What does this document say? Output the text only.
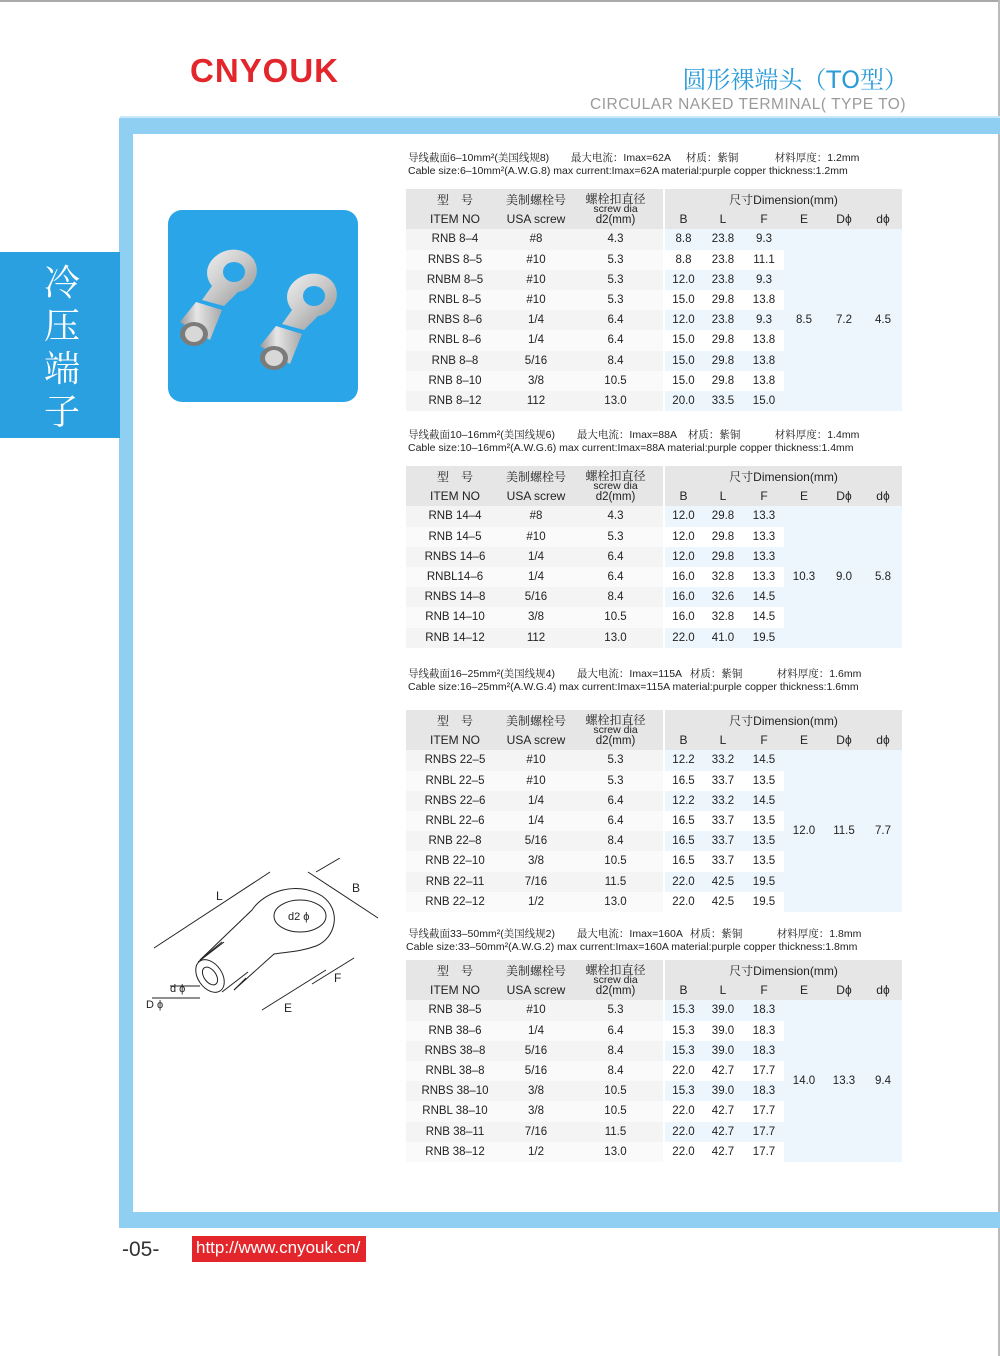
冷压端子
CNYOUK	圆形裸端头（TO型）
CIRCULAR NAKED TERMINAL( TYPE TO)
导线截面6–10mm²(美国线规8) 最大电流：Imax=62A 材质：紫铜	材料厚度：1.2mm
Cable size:6–10mm²(A.W.G.8) max current:Imax=62A material:purple copper thickness:1.2mm
型　号	美制螺栓号	螺栓扣直径
screw dia
d2(mm)	尺寸Dimension(mm)					
ITEM NO	USA screw		B	L	F	E	Dϕ	dϕ
RNB 8–4	#8	4.3	8.8	23.8	9.3	8.5	7.2	4.5
RNBS 8–5	#10	5.3	8.8	23.8	11.1			
RNBM 8–5	#10	5.3	12.0	23.8	9.3			
RNBL 8–5	#10	5.3	15.0	29.8	13.8			
RNBS 8–6	1/4	6.4	12.0	23.8	9.3			
RNBL 8–6	1/4	6.4	15.0	29.8	13.8			
RNB 8–8	5/16	8.4	15.0	29.8	13.8			
RNB 8–10	3/8	10.5	15.0	29.8	13.8			
RNB 8–12	112	13.0	20.0	33.5	15.0			
导线截面10–16mm²(美国线规6) 最大电流：Imax=88A 材质：紫铜	材料厚度：1.4mm
Cable size:10–16mm²(A.W.G.6) max current:Imax=88A material:purple copper thickness:1.4mm
型　号	美制螺栓号	螺栓扣直径
screw dia
d2(mm)	尺寸Dimension(mm)					
ITEM NO	USA screw		B	L	F	E	Dϕ	dϕ
RNB 14–4	#8	4.3	12.0	29.8	13.3	10.3	9.0	5.8
RNB 14–5	#10	5.3	12.0	29.8	13.3			
RNBS 14–6	1/4	6.4	12.0	29.8	13.3			
RNBL14–6	1/4	6.4	16.0	32.8	13.3			
RNBS 14–8	5/16	8.4	16.0	32.6	14.5			
RNB 14–10	3/8	10.5	16.0	32.8	14.5			
RNB 14–12	112	13.0	22.0	41.0	19.5			
导线截面16–25mm²(美国线规4) 最大电流：Imax=115A 材质：紫铜	材料厚度：1.6mm
Cable size:16–25mm²(A.W.G.4) max current:Imax=115A material:purple copper thickness:1.6mm
型　号	美制螺栓号	螺栓扣直径
screw dia
d2(mm)	尺寸Dimension(mm)					
ITEM NO	USA screw		B	L	F	E	Dϕ	dϕ
RNBS 22–5	#10	5.3	12.2	33.2	14.5	12.0	11.5	7.7
RNBL 22–5	#10	5.3	16.5	33.7	13.5			
RNBS 22–6	1/4	6.4	12.2	33.2	14.5			
RNBL 22–6	1/4	6.4	16.5	33.7	13.5			
RNB 22–8	5/16	8.4	16.5	33.7	13.5			
RNB 22–10	3/8	10.5	16.5	33.7	13.5			
RNB 22–11	7/16	11.5	22.0	42.5	19.5			
RNB 22–12	1/2	13.0	22.0	42.5	19.5			
导线截面33–50mm²(美国线规2) 最大电流：Imax=160A 材质：紫铜	材料厚度：1.8mm
Cable size:33–50mm²(A.W.G.2) max current:Imax=160A material:purple copper thickness:1.8mm
型　号	美制螺栓号	螺栓扣直径
screw dia
d2(mm)	尺寸Dimension(mm)					
ITEM NO	USA screw		B	L	F	E	Dϕ	dϕ
RNB 38–5	#10	5.3	15.3	39.0	18.3	14.0	13.3	9.4
RNB 38–6	1/4	6.4	15.3	39.0	18.3			
RNBS 38–8	5/16	8.4	15.3	39.0	18.3			
RNBL 38–8	5/16	8.4	22.0	42.7	17.7			
RNBS 38–10	3/8	10.5	15.3	39.0	18.3			
RNBL 38–10	3/8	10.5	22.0	42.7	17.7			
RNB 38–11	7/16	11.5	22.0	42.7	17.7			
RNB 38–12	1/2	13.0	22.0	42.7	17.7			
L
B
d2 ϕ
F
E
d ϕ
D ϕ
-05- http://www.cnyouk.cn/
